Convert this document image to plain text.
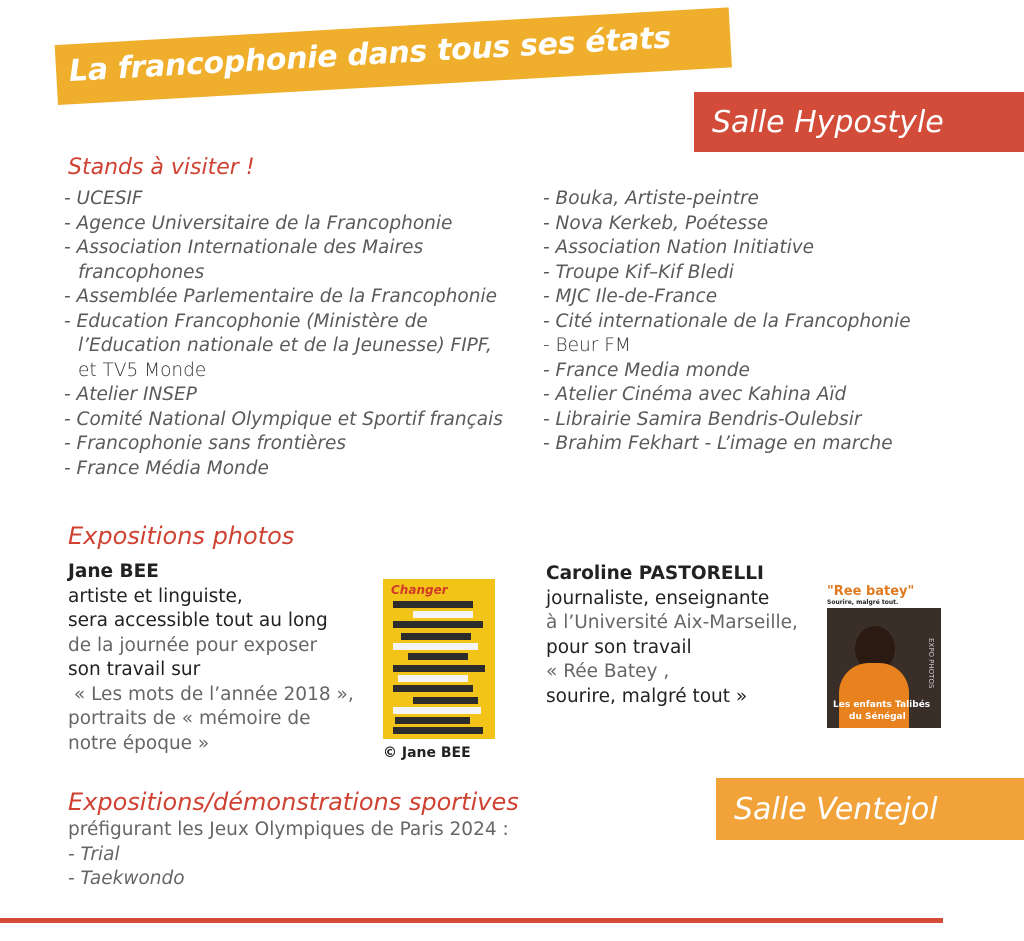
La francophonie dans tous ses états
Salle Hypostyle
Stands à visiter !
- UCESIF
- Agence Universitaire de la Francophonie
- Association Internationale des Maires
francophones
- Assemblée Parlementaire de la Francophonie
- Education Francophonie (Ministère de
l’Education nationale et de la Jeunesse) FIPF,
et TV5 Monde
- Atelier INSEP
- Comité National Olympique et Sportif français
- Francophonie sans frontières
- France Média Monde
- Bouka, Artiste-peintre
- Nova Kerkeb, Poétesse
- Association Nation Initiative
- Troupe Kif–Kif Bledi
- MJC Ile-de-France
- Cité internationale de la Francophonie
- Beur FM
- France Media monde
- Atelier Cinéma avec Kahina Aïd
- Librairie Samira Bendris-Oulebsir
- Brahim Fekhart - L’image en marche
Expositions photos
Jane BEE
artiste et linguiste,
sera accessible tout au long
de la journée pour exposer
son travail sur
« Les mots de l’année 2018 »,
portraits de « mémoire de
notre époque »
Changer
© Jane BEE
Caroline PASTORELLI
journaliste, enseignante
à l’Université Aix-Marseille,
pour son travail
« Rée Batey ,
sourire, malgré tout »
"Ree batey"
Sourire, malgré tout.
Les enfants Talibés
du Sénégal
EXPO PHOTOS
Expositions/démonstrations sportives
préfigurant les Jeux Olympiques de Paris 2024 :
- Trial
- Taekwondo
Salle Ventejol
